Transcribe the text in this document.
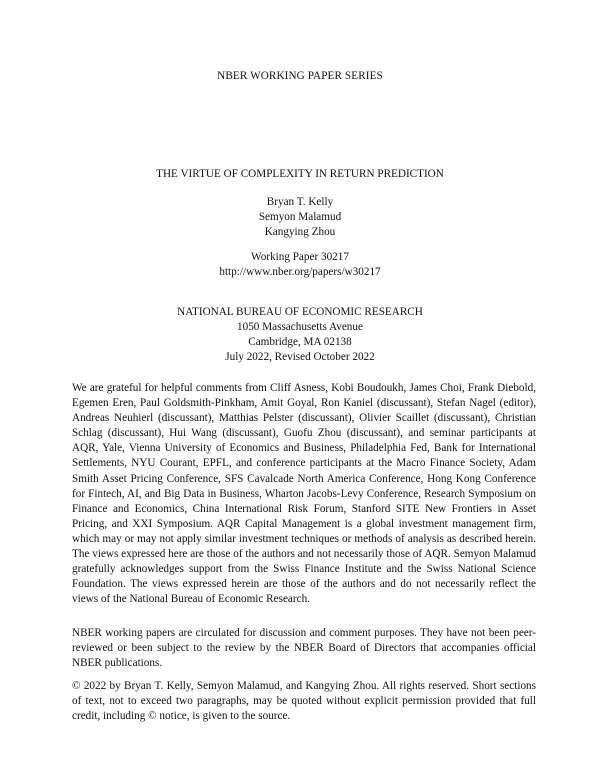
NBER WORKING PAPER SERIES
THE VIRTUE OF COMPLEXITY IN RETURN PREDICTION
Bryan T. Kelly
Semyon Malamud
Kangying Zhou
Working Paper 30217
http://www.nber.org/papers/w30217
NATIONAL BUREAU OF ECONOMIC RESEARCH
1050 Massachusetts Avenue
Cambridge, MA 02138
July 2022, Revised October 2022

We are grateful for helpful comments from Cliff Asness, Kobi Boudoukh, James Choi, Frank Diebold, Egemen Eren, Paul Goldsmith-Pinkham, Amit Goyal, Ron Kaniel (discussant), Stefan Nagel (editor), Andreas Neuhierl (discussant), Matthias Pelster (discussant), Olivier Scaillet (discussant), Christian Schlag (discussant), Hui Wang (discussant), Guofu Zhou (discussant), and seminar participants at AQR, Yale, Vienna University of Economics and Business, Philadelphia Fed, Bank for International Settlements, NYU Courant, EPFL, and conference participants at the Macro Finance Society, Adam Smith Asset Pricing Conference, SFS Cavalcade North America Conference, Hong Kong Conference for Fintech, AI, and Big Data in Business, Wharton Jacobs-Levy Conference, Research Symposium on Finance and Economics, China International Risk Forum, Stanford SITE New Frontiers in Asset Pricing, and XXI Symposium. AQR Capital Management is a global investment management firm, which may or may not apply similar investment techniques or methods of analysis as described herein. The views expressed here are those of the authors and not necessarily those of AQR. Semyon Malamud gratefully acknowledges support from the Swiss Finance Institute and the Swiss National Science Foundation. The views expressed herein are those of the authors and do not necessarily reflect the views of the National Bureau of Economic Research.

NBER working papers are circulated for discussion and comment purposes. They have not been peer-reviewed or been subject to the review by the NBER Board of Directors that accompanies official NBER publications.

© 2022 by Bryan T. Kelly, Semyon Malamud, and Kangying Zhou. All rights reserved. Short sections of text, not to exceed two paragraphs, may be quoted without explicit permission provided that full credit, including © notice, is given to the source.
